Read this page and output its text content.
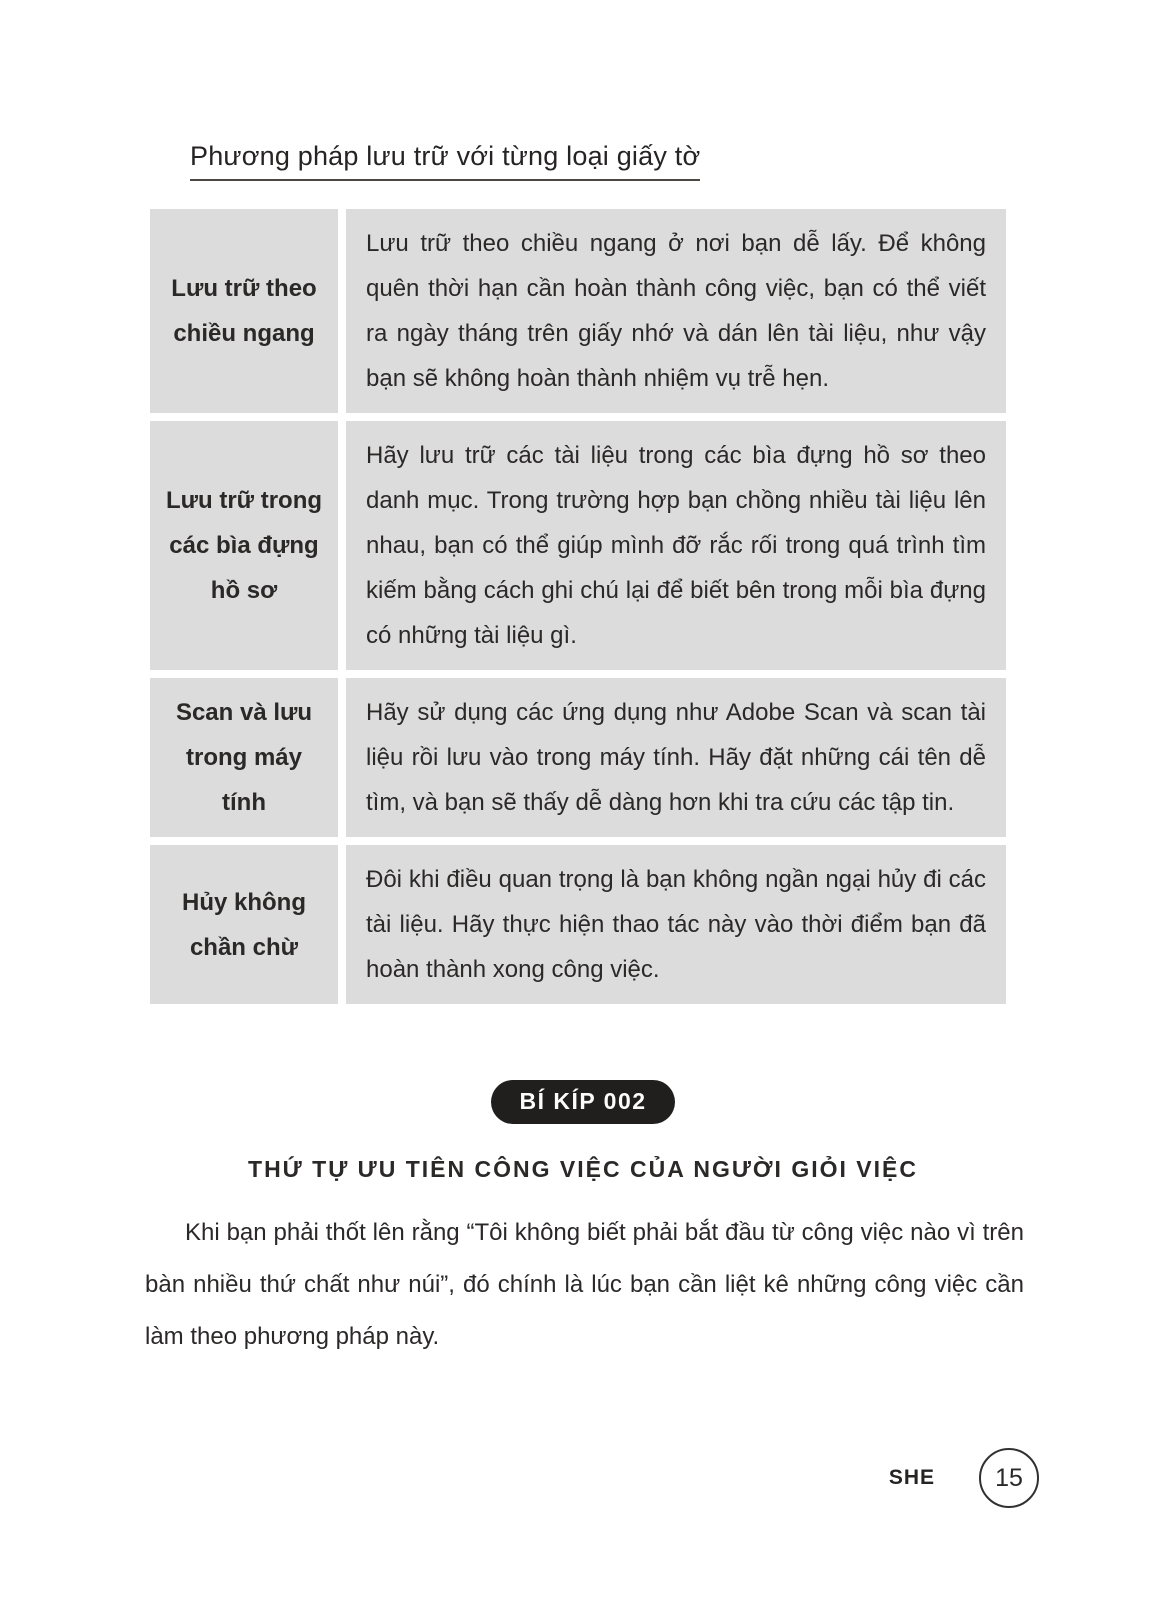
Phương pháp lưu trữ với từng loại giấy tờ
Lưu trữ theo chiều ngang
Lưu trữ theo chiều ngang ở nơi bạn dễ lấy. Để không quên thời hạn cần hoàn thành công việc, bạn có thể viết ra ngày tháng trên giấy nhớ và dán lên tài liệu, như vậy bạn sẽ không hoàn thành nhiệm vụ trễ hẹn.
Lưu trữ trong các bìa đựng hồ sơ
Hãy lưu trữ các tài liệu trong các bìa đựng hồ sơ theo danh mục. Trong trường hợp bạn chồng nhiều tài liệu lên nhau, bạn có thể giúp mình đỡ rắc rối trong quá trình tìm kiếm bằng cách ghi chú lại để biết bên trong mỗi bìa đựng có những tài liệu gì.
Scan và lưu trong máy tính
Hãy sử dụng các ứng dụng như Adobe Scan và scan tài liệu rồi lưu vào trong máy tính. Hãy đặt những cái tên dễ tìm, và bạn sẽ thấy dễ dàng hơn khi tra cứu các tập tin.
Hủy không chần chừ
Đôi khi điều quan trọng là bạn không ngần ngại hủy đi các tài liệu. Hãy thực hiện thao tác này vào thời điểm bạn đã hoàn thành xong công việc.
BÍ KÍP 002
THỨ TỰ ƯU TIÊN CÔNG VIỆC CỦA NGƯỜI GIỎI VIỆC

Khi bạn phải thốt lên rằng “Tôi không biết phải bắt đầu từ công việc nào vì trên bàn nhiều thứ chất như núi”, đó chính là lúc bạn cần liệt kê những công việc cần làm theo phương pháp này.

SHE	15
